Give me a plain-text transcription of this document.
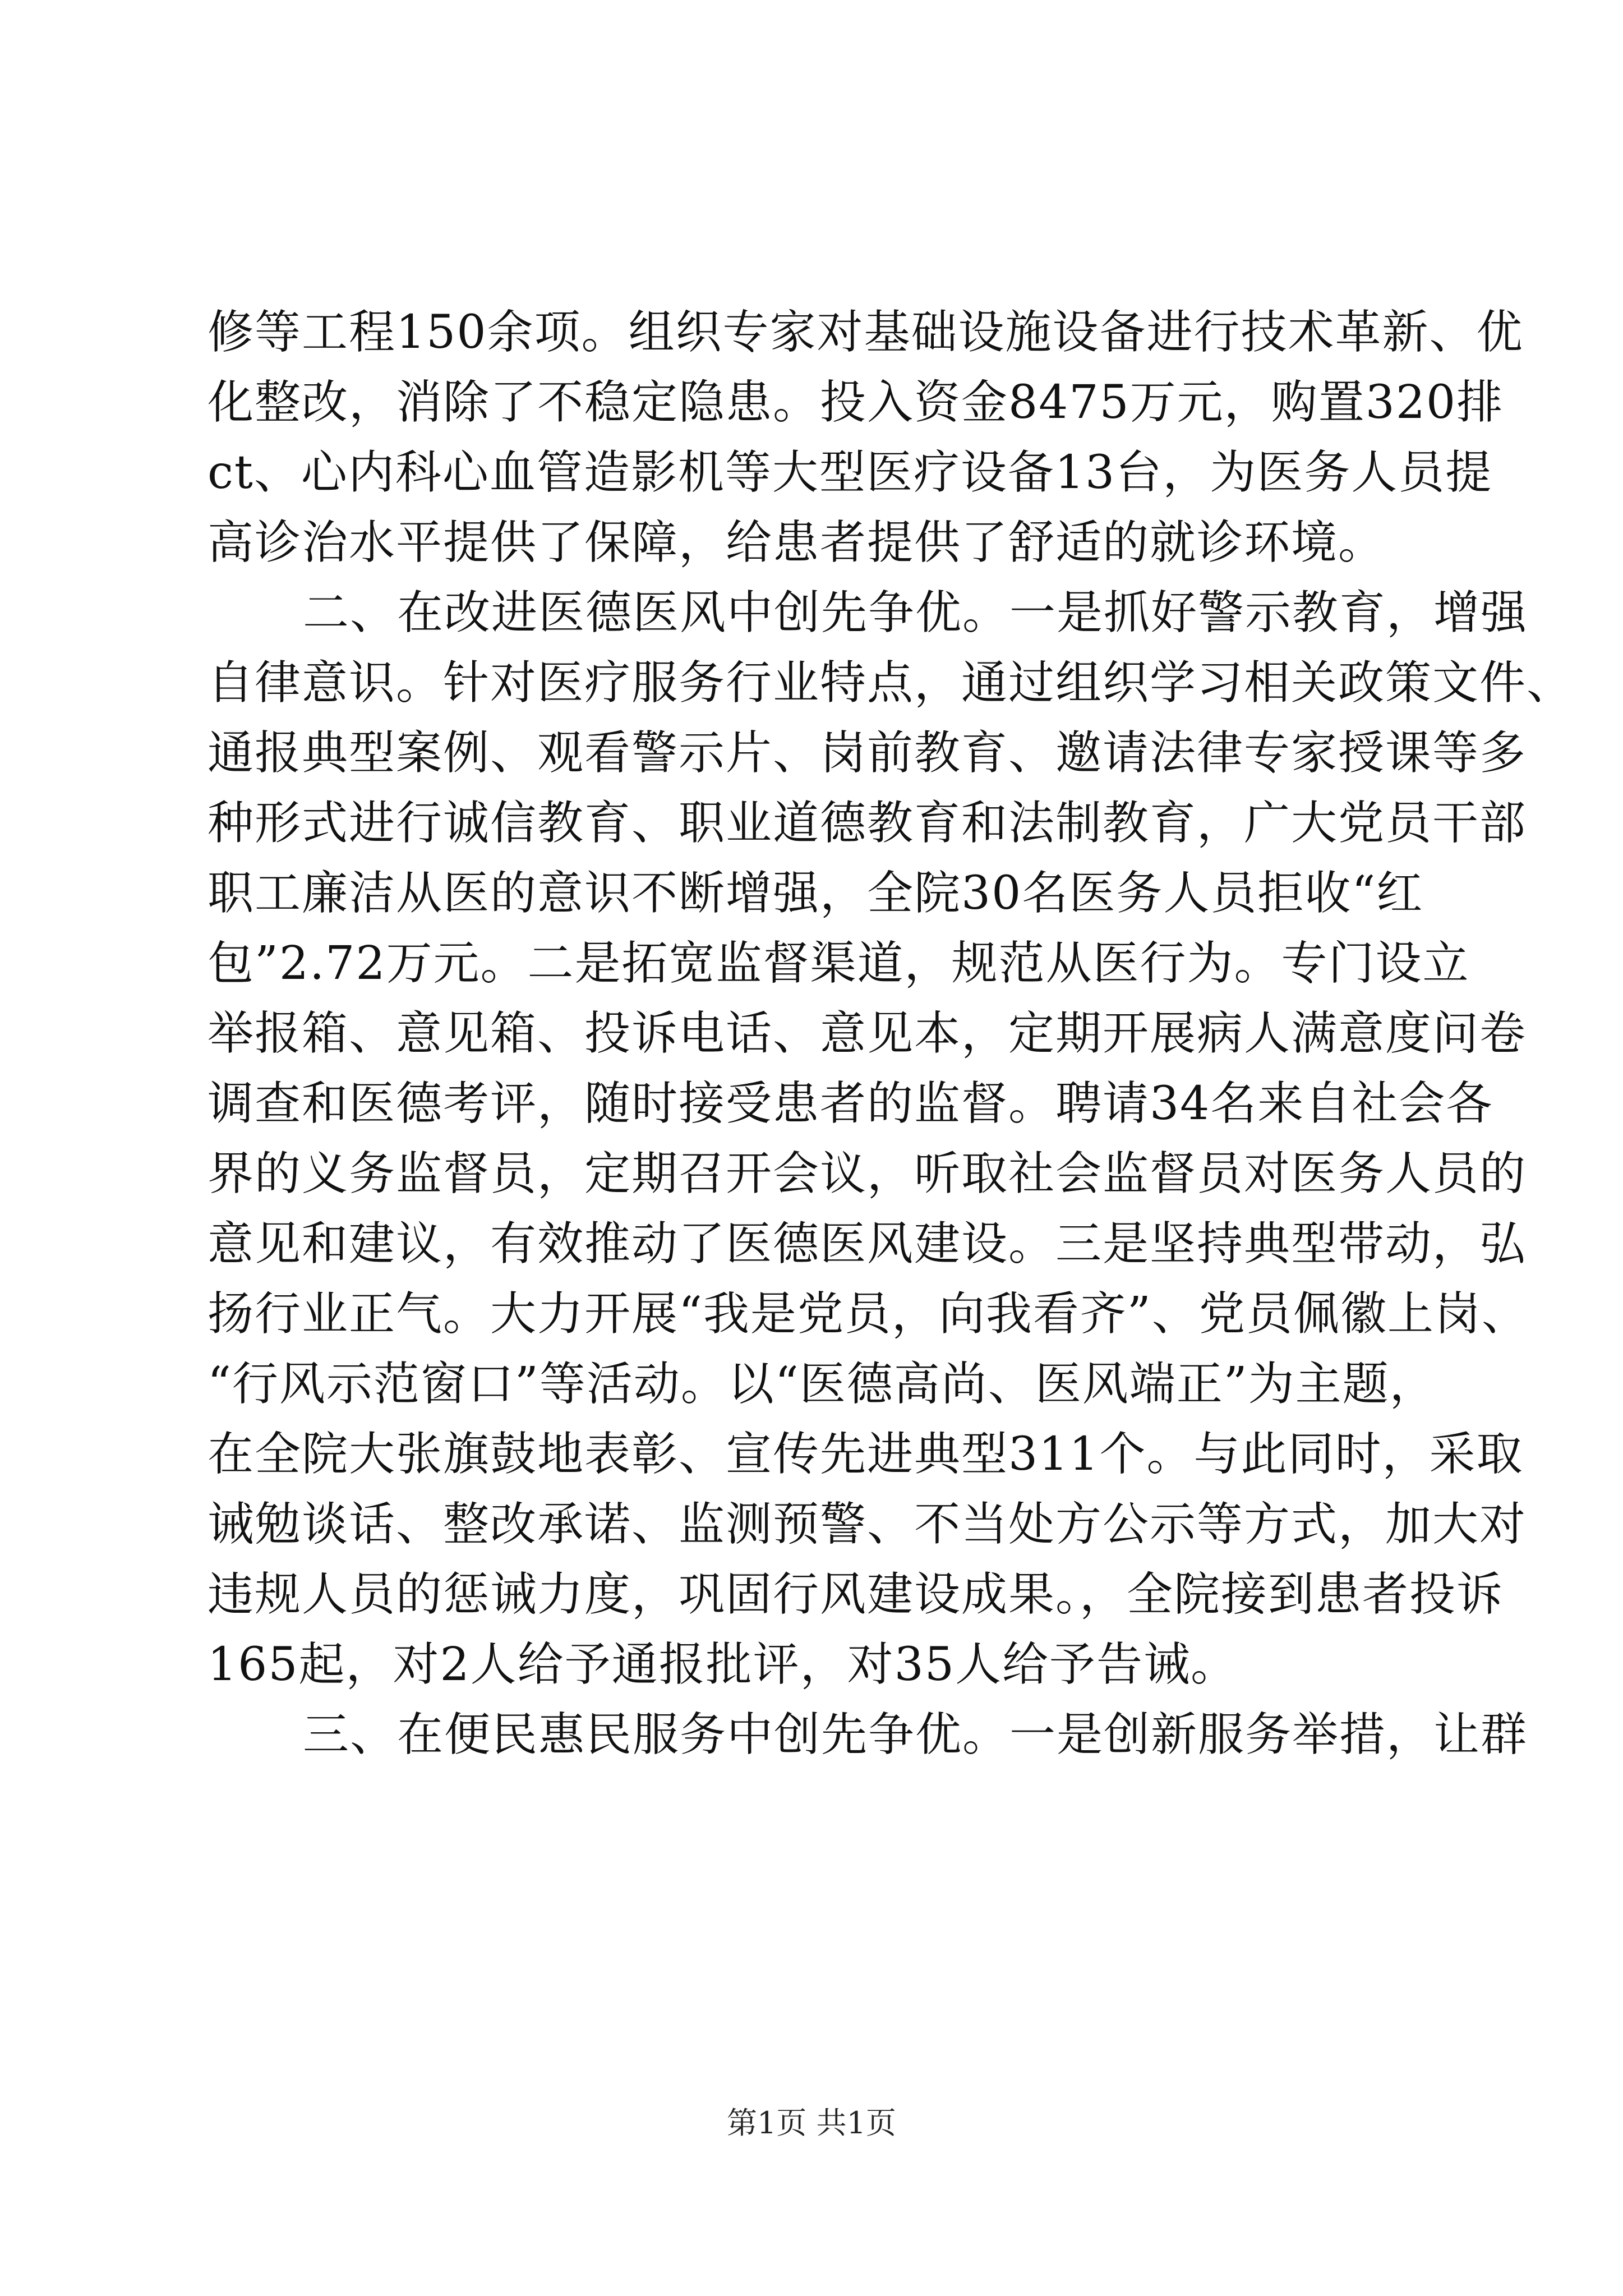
修等工程150余项。组织专家对基础设施设备进行技术革新、优
化整改，消除了不稳定隐患。投入资金8475万元，购置320排
ct、心内科心血管造影机等大型医疗设备13台，为医务人员提
高诊治水平提供了保障，给患者提供了舒适的就诊环境。
二、在改进医德医风中创先争优。一是抓好警示教育，增强
自律意识。针对医疗服务行业特点，通过组织学习相关政策文件、
通报典型案例、观看警示片、岗前教育、邀请法律专家授课等多
种形式进行诚信教育、职业道德教育和法制教育，广大党员干部
职工廉洁从医的意识不断增强，全院30名医务人员拒收“红
包”2.72万元。二是拓宽监督渠道，规范从医行为。专门设立
举报箱、意见箱、投诉电话、意见本，定期开展病人满意度问卷
调查和医德考评，随时接受患者的监督。聘请34名来自社会各
界的义务监督员，定期召开会议，听取社会监督员对医务人员的
意见和建议，有效推动了医德医风建设。三是坚持典型带动，弘
扬行业正气。大力开展“我是党员，向我看齐”、党员佩徽上岗、
“行风示范窗口”等活动。以“医德高尚、医风端正”为主题，
在全院大张旗鼓地表彰、宣传先进典型311个。与此同时，采取
诫勉谈话、整改承诺、监测预警、不当处方公示等方式，加大对
违规人员的惩诫力度，巩固行风建设成果。，全院接到患者投诉
165起，对2人给予通报批评，对35人给予告诫。
三、在便民惠民服务中创先争优。一是创新服务举措，让群
第1页 共1页
